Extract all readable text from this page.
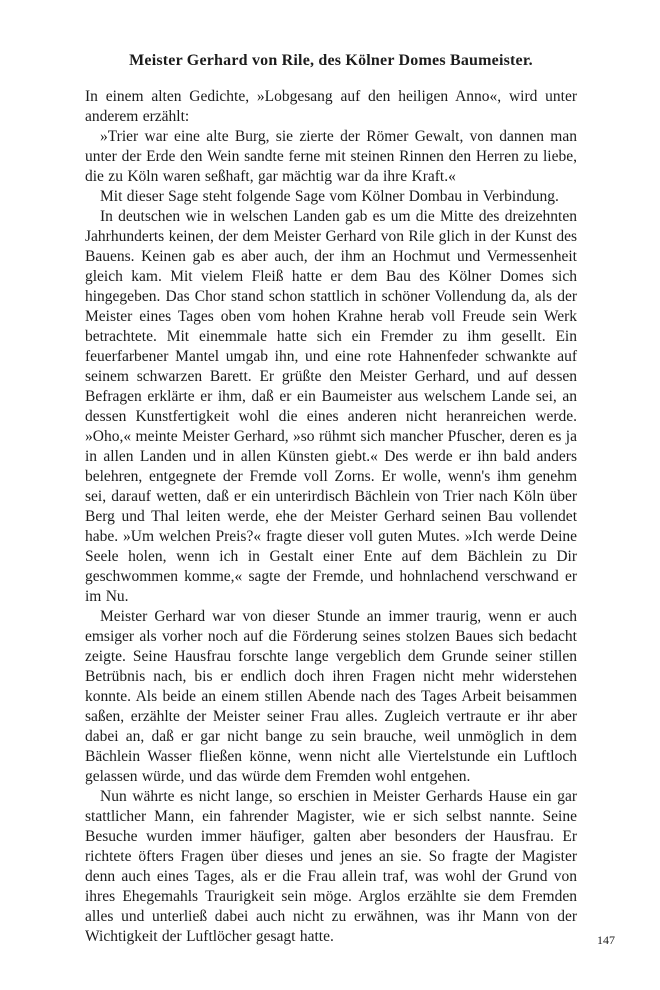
Meister Gerhard von Rile, des Kölner Domes Baumeister.

In einem alten Gedichte, »Lobgesang auf den heiligen Anno«, wird unter anderem erzählt:

»Trier war eine alte Burg, sie zierte der Römer Gewalt, von dannen man unter der Erde den Wein sandte ferne mit steinen Rinnen den Herren zu liebe, die zu Köln waren seßhaft, gar mächtig war da ihre Kraft.«

Mit dieser Sage steht folgende Sage vom Kölner Dombau in Verbindung.

In deutschen wie in welschen Landen gab es um die Mitte des dreizehnten Jahrhunderts keinen, der dem Meister Gerhard von Rile glich in der Kunst des Bauens. Keinen gab es aber auch, der ihm an Hochmut und Vermessenheit gleich kam. Mit vielem Fleiß hatte er dem Bau des Kölner Domes sich hingegeben. Das Chor stand schon stattlich in schöner Vollendung da, als der Meister eines Tages oben vom hohen Krahne herab voll Freude sein Werk betrachtete. Mit einemmale hatte sich ein Fremder zu ihm gesellt. Ein feuerfarbener Mantel umgab ihn, und eine rote Hahnenfeder schwankte auf seinem schwarzen Barett. Er grüßte den Meister Gerhard, und auf dessen Befragen erklärte er ihm, daß er ein Baumeister aus welschem Lande sei, an dessen Kunstfertigkeit wohl die eines anderen nicht heranreichen werde. »Oho,« meinte Meister Gerhard, »so rühmt sich mancher Pfuscher, deren es ja in allen Landen und in allen Künsten giebt.« Des werde er ihn bald anders belehren, entgegnete der Fremde voll Zorns. Er wolle, wenn's ihm genehm sei, darauf wetten, daß er ein unterirdisch Bächlein von Trier nach Köln über Berg und Thal leiten werde, ehe der Meister Gerhard seinen Bau vollendet habe. »Um welchen Preis?« fragte dieser voll guten Mutes. »Ich werde Deine Seele holen, wenn ich in Gestalt einer Ente auf dem Bächlein zu Dir geschwommen komme,« sagte der Fremde, und hohnlachend verschwand er im Nu.

Meister Gerhard war von dieser Stunde an immer traurig, wenn er auch emsiger als vorher noch auf die Förderung seines stolzen Baues sich bedacht zeigte. Seine Hausfrau forschte lange vergeblich dem Grunde seiner stillen Betrübnis nach, bis er endlich doch ihren Fragen nicht mehr widerstehen konnte. Als beide an einem stillen Abende nach des Tages Arbeit beisammen saßen, erzählte der Meister seiner Frau alles. Zugleich vertraute er ihr aber dabei an, daß er gar nicht bange zu sein brauche, weil unmöglich in dem Bächlein Wasser fließen könne, wenn nicht alle Viertelstunde ein Luftloch gelassen würde, und das würde dem Fremden wohl entgehen.

Nun währte es nicht lange, so erschien in Meister Gerhards Hause ein gar stattlicher Mann, ein fahrender Magister, wie er sich selbst nannte. Seine Besuche wurden immer häufiger, galten aber besonders der Hausfrau. Er richtete öfters Fragen über dieses und jenes an sie. So fragte der Magister denn auch eines Tages, als er die Frau allein traf, was wohl der Grund von ihres Ehegemahls Traurigkeit sein möge. Arglos erzählte sie dem Fremden alles und unterließ dabei auch nicht zu erwähnen, was ihr Mann von der Wichtigkeit der Luftlöcher gesagt hatte.	147
